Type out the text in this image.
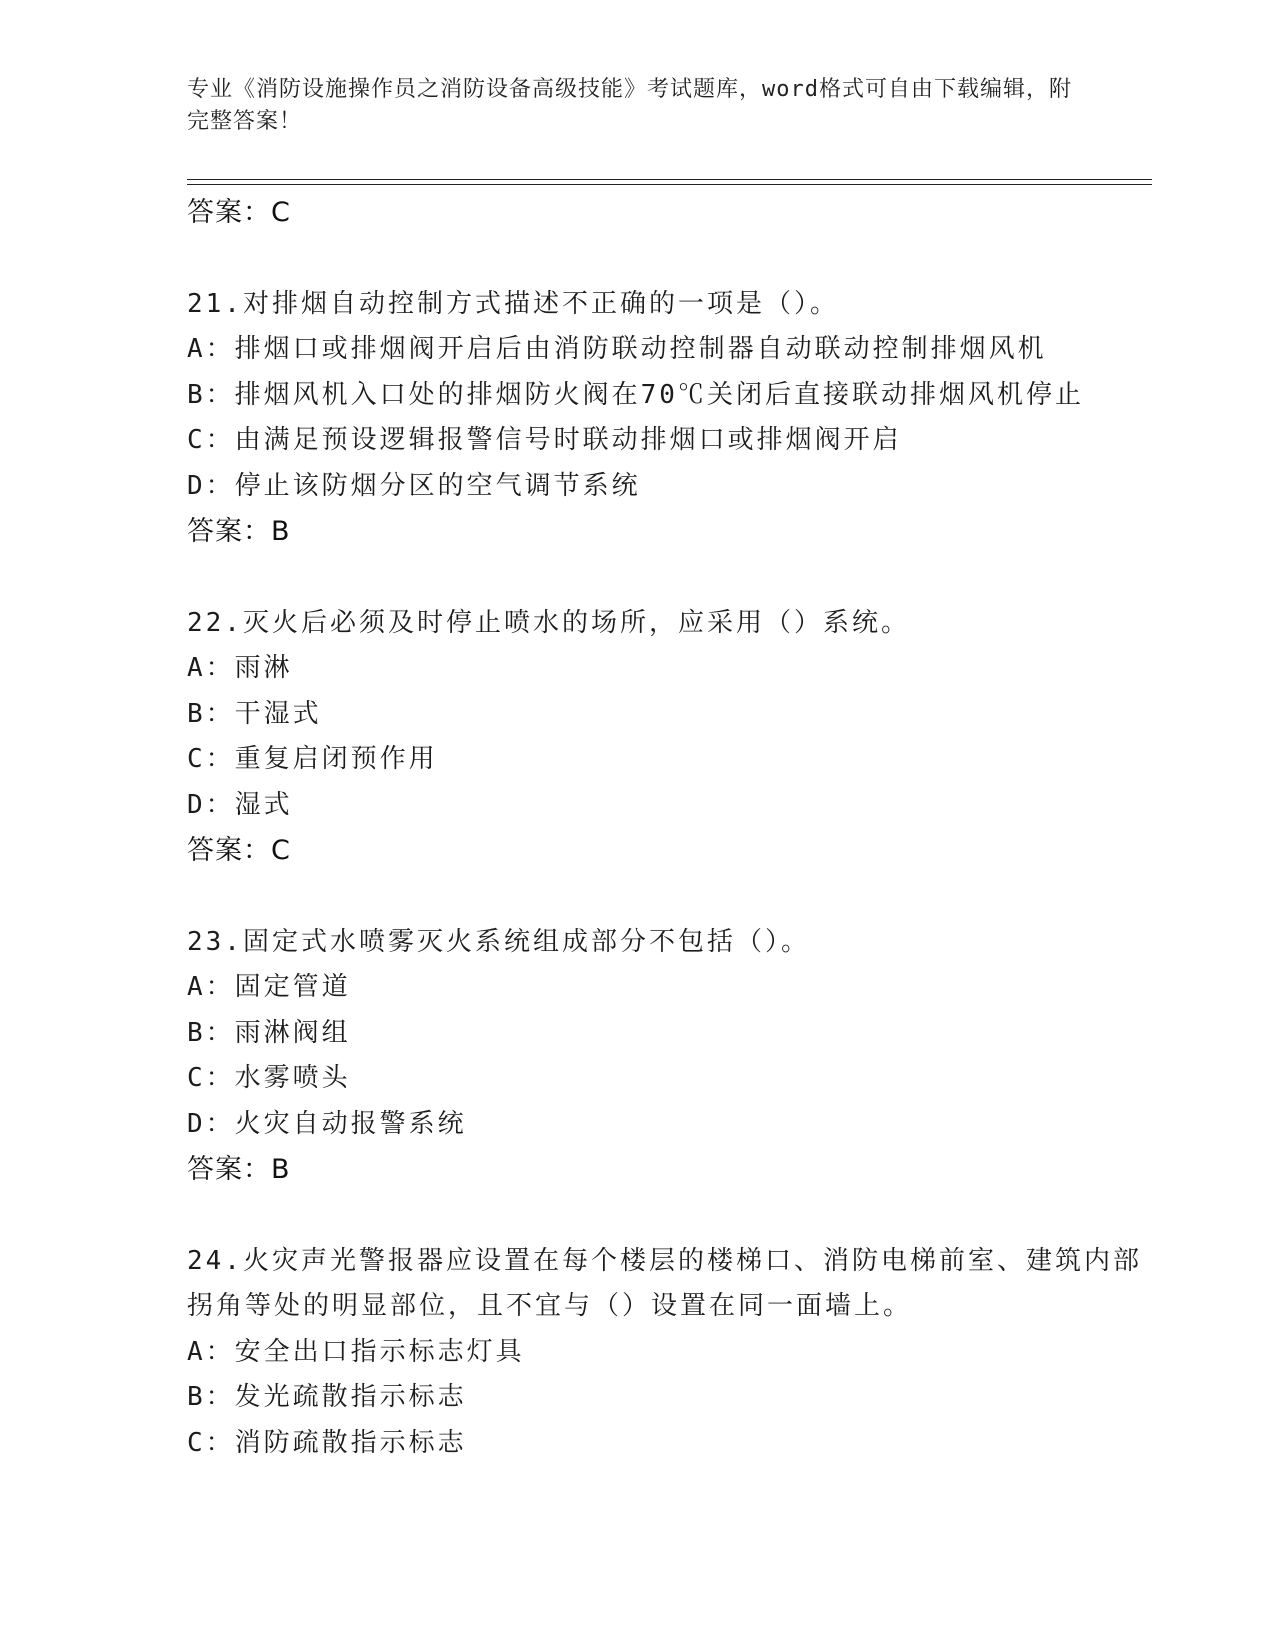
专业《消防设施操作员之消防设备高级技能》考试题库，word格式可自由下载编辑，附完整答案！
答案：C
21.对排烟自动控制方式描述不正确的一项是（）。
A：排烟口或排烟阀开启后由消防联动控制器自动联动控制排烟风机
B：排烟风机入口处的排烟防火阀在70℃关闭后直接联动排烟风机停止
C：由满足预设逻辑报警信号时联动排烟口或排烟阀开启
D：停止该防烟分区的空气调节系统
答案：B
22.灭火后必须及时停止喷水的场所，应采用（）系统。
A：雨淋
B：干湿式
C：重复启闭预作用
D：湿式
答案：C
23.固定式水喷雾灭火系统组成部分不包括（）。
A：固定管道
B：雨淋阀组
C：水雾喷头
D：火灾自动报警系统
答案：B
24.火灾声光警报器应设置在每个楼层的楼梯口、消防电梯前室、建筑内部拐角等处的明显部位，且不宜与（）设置在同一面墙上。
A：安全出口指示标志灯具
B：发光疏散指示标志
C：消防疏散指示标志
